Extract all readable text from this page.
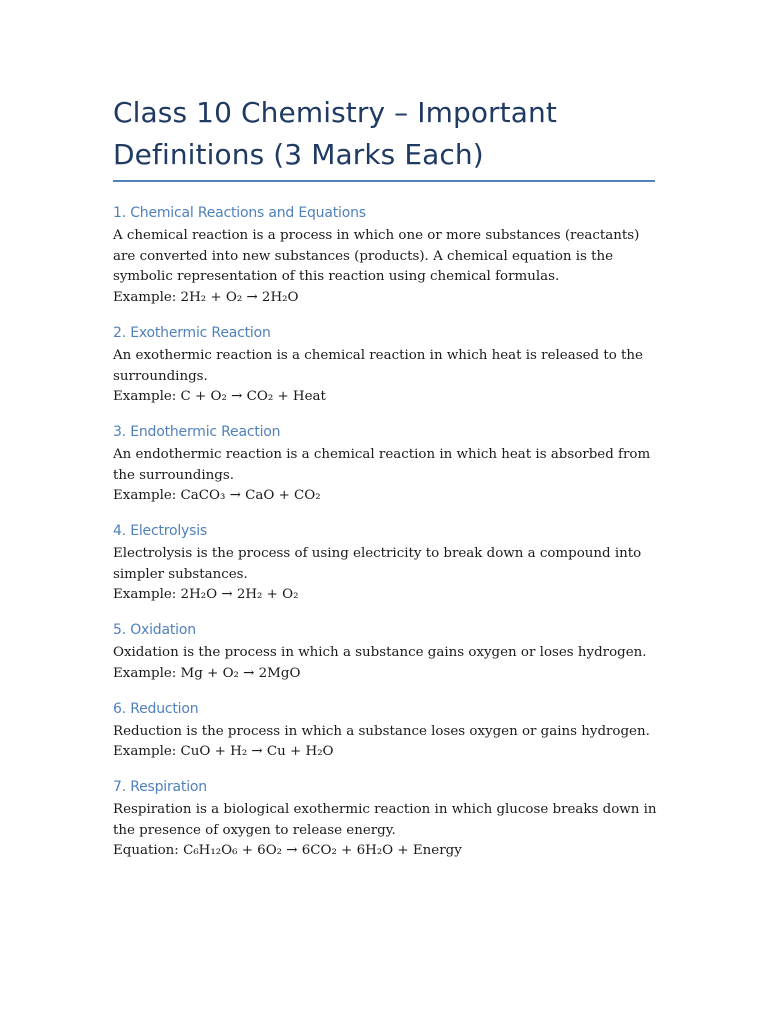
Class 10 Chemistry – Important Definitions (3 Marks Each)
1. Chemical Reactions and Equations

A chemical reaction is a process in which one or more substances (reactants) are converted into new substances (products). A chemical equation is the symbolic representation of this reaction using chemical formulas.

Example: 2H₂ + O₂ → 2H₂O

2. Exothermic Reaction

An exothermic reaction is a chemical reaction in which heat is released to the surroundings.

Example: C + O₂ → CO₂ + Heat

3. Endothermic Reaction

An endothermic reaction is a chemical reaction in which heat is absorbed from the surroundings.

Example: CaCO₃ → CaO + CO₂

4. Electrolysis

Electrolysis is the process of using electricity to break down a compound into simpler substances.

Example: 2H₂O → 2H₂ + O₂

5. Oxidation

Oxidation is the process in which a substance gains oxygen or loses hydrogen.

Example: Mg + O₂ → 2MgO

6. Reduction

Reduction is the process in which a substance loses oxygen or gains hydrogen.

Example: CuO + H₂ → Cu + H₂O

7. Respiration

Respiration is a biological exothermic reaction in which glucose breaks down in the presence of oxygen to release energy.

Equation: C₆H₁₂O₆ + 6O₂ → 6CO₂ + 6H₂O + Energy
